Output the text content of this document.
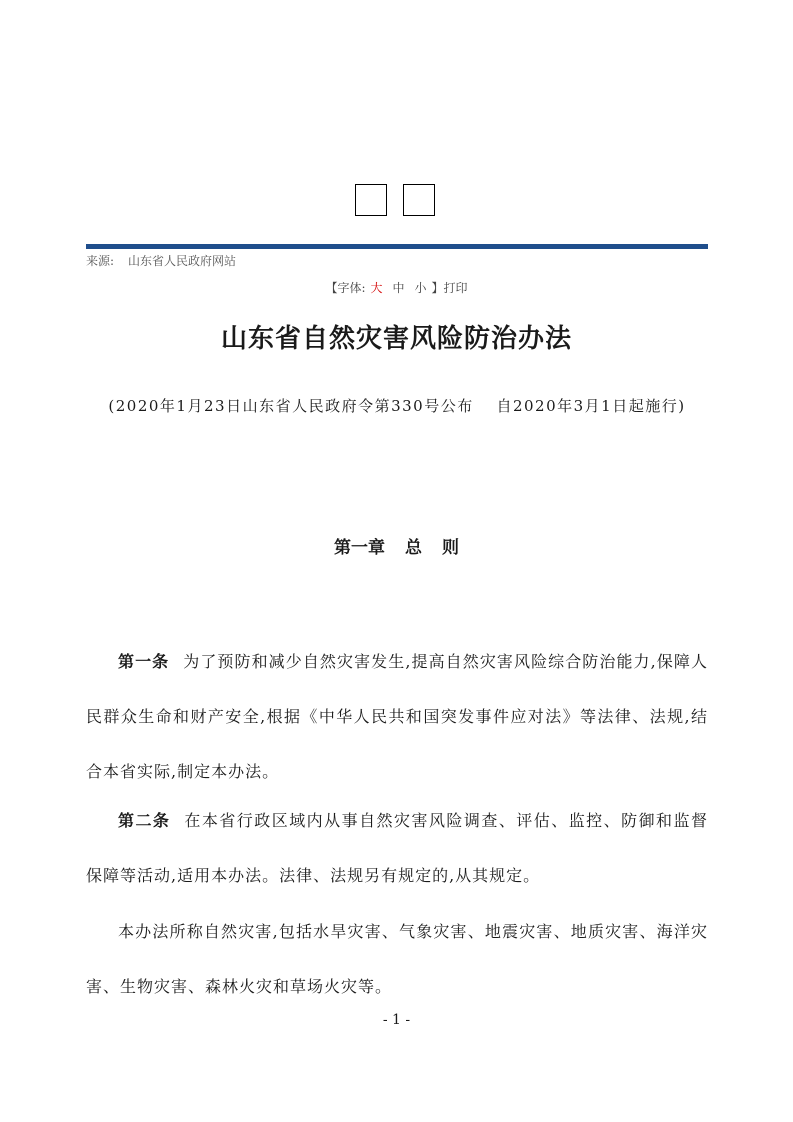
来源: 山东省人民政府网站
【字体: 大 中 小 】打印
山东省自然灾害风险防治办法
(2020年1月23日山东省人民政府令第330号公布　 自2020年3月1日起施行)
第一章 总 则

第一条 为了预防和减少自然灾害发生,提高自然灾害风险综合防治能力,保障人民群众生命和财产安全,根据《中华人民共和国突发事件应对法》等法律、法规,结合本省实际,制定本办法。

第二条 在本省行政区域内从事自然灾害风险调查、评估、监控、防御和监督保障等活动,适用本办法。法律、法规另有规定的,从其规定。

本办法所称自然灾害,包括水旱灾害、气象灾害、地震灾害、地质灾害、海洋灾害、生物灾害、森林火灾和草场火灾等。

- 1 -
